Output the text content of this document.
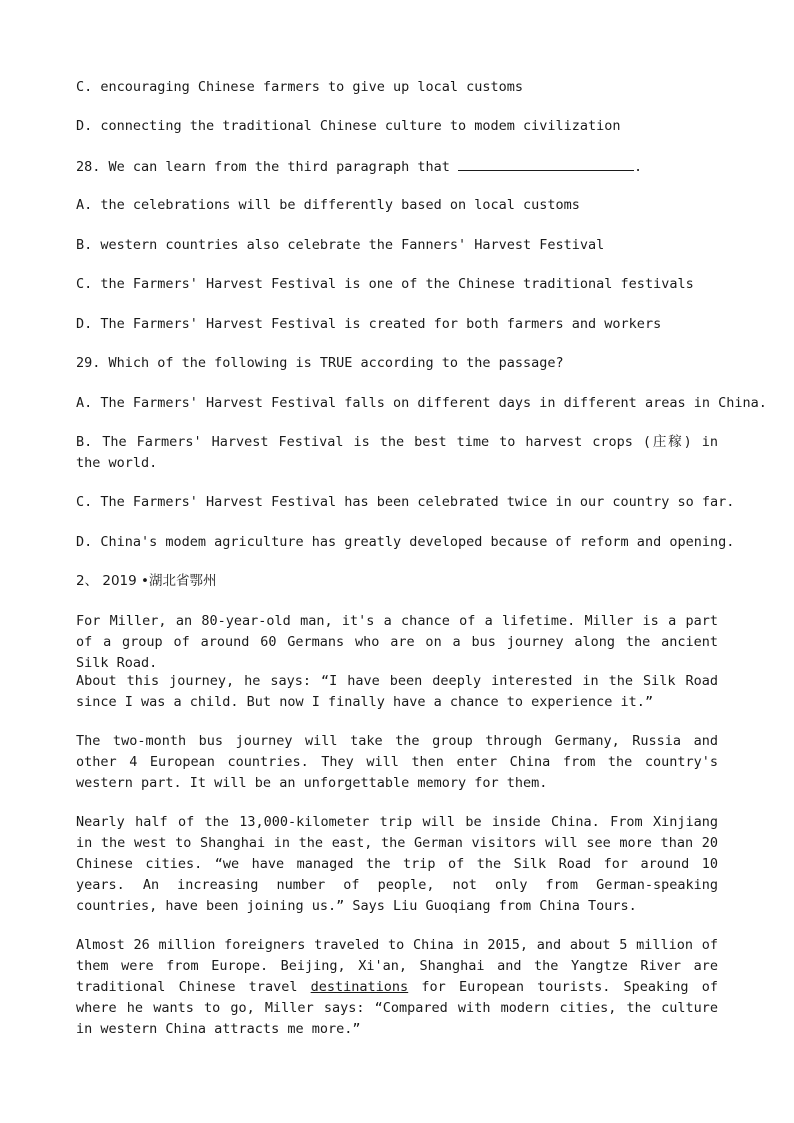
C. encouraging Chinese farmers to give up local customs
D. connecting the traditional Chinese culture to modem civilization
28. We can learn from the third paragraph that	.
A. the celebrations will be differently based on local customs
B. western countries also celebrate the Fanners' Harvest Festival
C. the Farmers' Harvest Festival is one of the Chinese traditional festivals
D. The Farmers' Harvest Festival is created for both farmers and workers
29. Which of the following is TRUE according to the passage?
A. The Farmers' Harvest Festival falls on different days in different areas in China.
B. The Farmers' Harvest Festival is the best time to harvest crops (庄稼) in the world.
C. The Farmers' Harvest Festival has been celebrated twice in our country so far.
D. China's modem agriculture has greatly developed because of reform and opening.
2、 2019 •湖北省鄂州
For Miller, an 80-year-old man, it's a chance of a lifetime. Miller is a part of a group of around 60 Germans who are on a bus journey along the ancient Silk Road.
About this journey, he says: “I have been deeply interested in the Silk Road since I was a child. But now I finally have a chance to experience it.”
The two-month bus journey will take the group through Germany, Russia and other 4 European countries. They will then enter China from the country's western part. It will be an unforgettable memory for them.
Nearly half of the 13,000-kilometer trip will be inside China. From Xinjiang in the west to Shanghai in the east, the German visitors will see more than 20 Chinese cities. “we have managed the trip of the Silk Road for around 10 years. An increasing number of people, not only from German-speaking countries, have been joining us.” Says Liu Guoqiang from China Tours.
Almost 26 million foreigners traveled to China in 2015, and about 5 million of them were from Europe. Beijing, Xi'an, Shanghai and the Yangtze River are traditional Chinese travel destinations for European tourists. Speaking of where he wants to go, Miller says: “Compared with modern cities, the culture in western China attracts me more.”
